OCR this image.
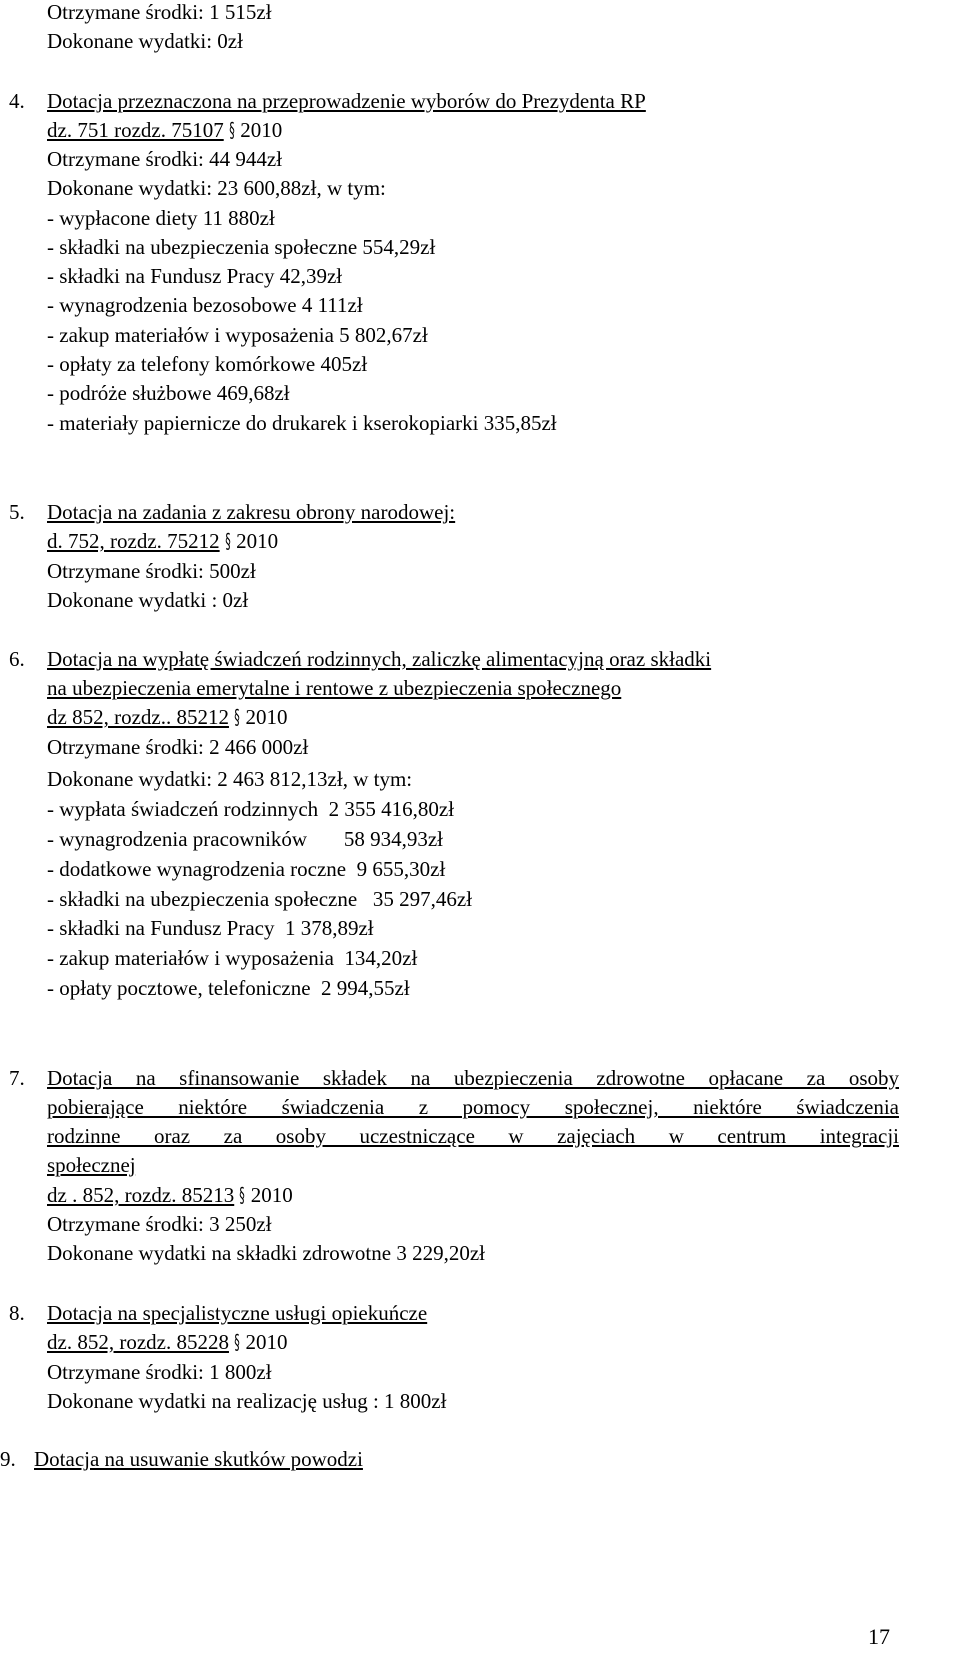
Otrzymane środki: 1 515zł
Dokonane wydatki: 0zł
4. Dotacja przeznaczona na przeprowadzenie wyborów do Prezydenta RP
dz. 751 rozdz. 75107 § 2010
Otrzymane środki: 44 944zł
Dokonane wydatki: 23 600,88zł, w tym:
- wypłacone diety 11 880zł
- składki na ubezpieczenia społeczne 554,29zł
- składki na Fundusz Pracy 42,39zł
- wynagrodzenia bezosobowe 4 111zł
- zakup materiałów i wyposażenia 5 802,67zł
- opłaty za telefony komórkowe 405zł
- podróże służbowe 469,68zł
- materiały papiernicze do drukarek i kserokopiarki 335,85zł
5. Dotacja na zadania z zakresu obrony narodowej:
d. 752, rozdz. 75212 § 2010
Otrzymane środki: 500zł
Dokonane wydatki : 0zł
6. Dotacja na wypłatę świadczeń rodzinnych, zaliczkę alimentacyjną oraz składki
na ubezpieczenia emerytalne i rentowe z ubezpieczenia społecznego
dz 852, rozdz.. 85212 § 2010
Otrzymane środki: 2 466 000zł
Dokonane wydatki: 2 463 812,13zł, w tym:
- wypłata świadczeń rodzinnych  2 355 416,80zł
- wynagrodzenia pracowników       58 934,93zł
- dodatkowe wynagrodzenia roczne  9 655,30zł
- składki na ubezpieczenia społeczne   35 297,46zł
- składki na Fundusz Pracy  1 378,89zł
- zakup materiałów i wyposażenia  134,20zł
- opłaty pocztowe, telefoniczne  2 994,55zł
7. Dotacja na sfinansowanie składek na ubezpieczenia zdrowotne opłacane za osoby
pobierające niektóre świadczenia z pomocy społecznej, niektóre świadczenia
rodzinne oraz za osoby uczestniczące w zajęciach w centrum integracji
społecznej
dz . 852, rozdz. 85213 § 2010
Otrzymane środki: 3 250zł
Dokonane wydatki na składki zdrowotne 3 229,20zł
8. Dotacja na specjalistyczne usługi opiekuńcze
dz. 852, rozdz. 85228 § 2010
Otrzymane środki: 1 800zł
Dokonane wydatki na realizację usług : 1 800zł
9. Dotacja na usuwanie skutków powodzi
17
